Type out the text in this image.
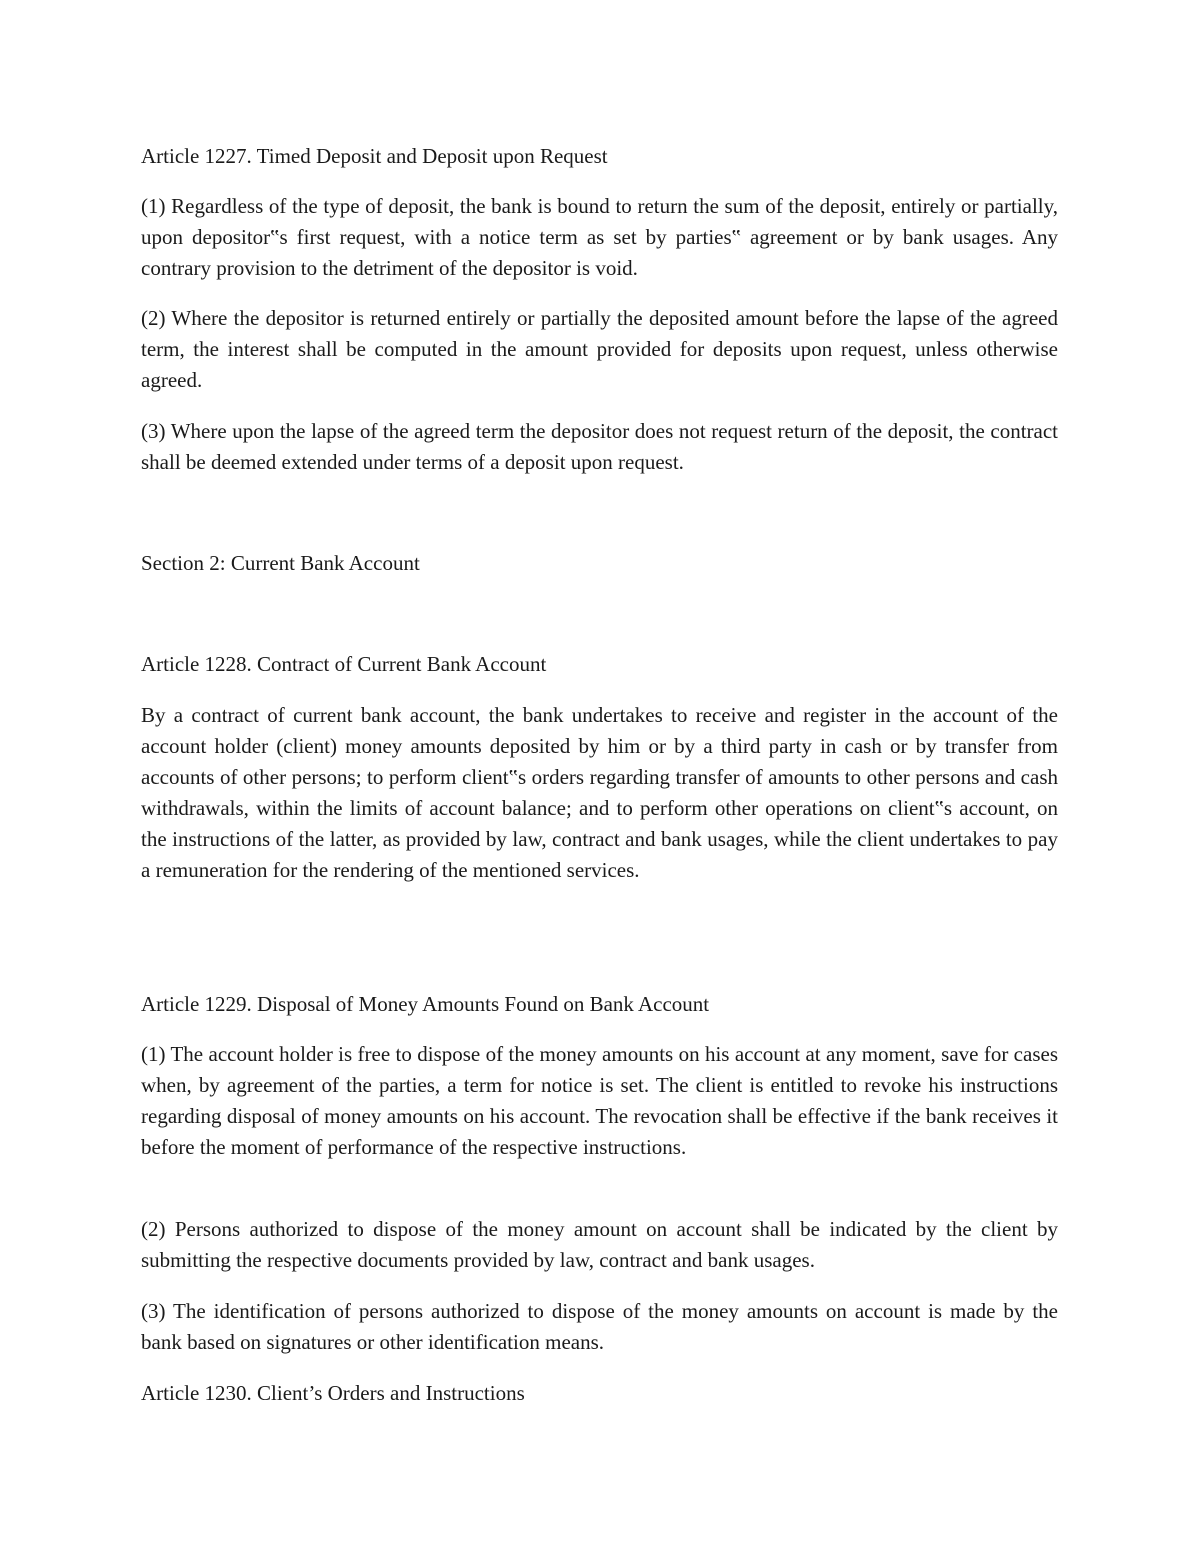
Article 1227. Timed Deposit and Deposit upon Request

(1) Regardless of the type of deposit, the bank is bound to return the sum of the deposit, entirely or partially, upon depositor‟s first request, with a notice term as set by parties‟ agreement or by bank usages. Any contrary provision to the detriment of the depositor is void.

(2) Where the depositor is returned entirely or partially the deposited amount before the lapse of the agreed term, the interest shall be computed in the amount provided for deposits upon request, unless otherwise agreed.

(3) Where upon the lapse of the agreed term the depositor does not request return of the deposit, the contract shall be deemed extended under terms of a deposit upon request.

Section 2: Current Bank Account

Article 1228. Contract of Current Bank Account

By a contract of current bank account, the bank undertakes to receive and register in the account of the account holder (client) money amounts deposited by him or by a third party in cash or by transfer from accounts of other persons; to perform client‟s orders regarding transfer of amounts to other persons and cash withdrawals, within the limits of account balance; and to perform other operations on client‟s account, on the instructions of the latter, as provided by law, contract and bank usages, while the client undertakes to pay a remuneration for the rendering of the mentioned services.

Article 1229. Disposal of Money Amounts Found on Bank Account

(1) The account holder is free to dispose of the money amounts on his account at any moment, save for cases when, by agreement of the parties, a term for notice is set. The client is entitled to revoke his instructions regarding disposal of money amounts on his account. The revocation shall be effective if the bank receives it before the moment of performance of the respective instructions.

(2) Persons authorized to dispose of the money amount on account shall be indicated by the client by submitting the respective documents provided by law, contract and bank usages.

(3) The identification of persons authorized to dispose of the money amounts on account is made by the bank based on signatures or other identification means.

Article 1230. Client’s Orders and Instructions
